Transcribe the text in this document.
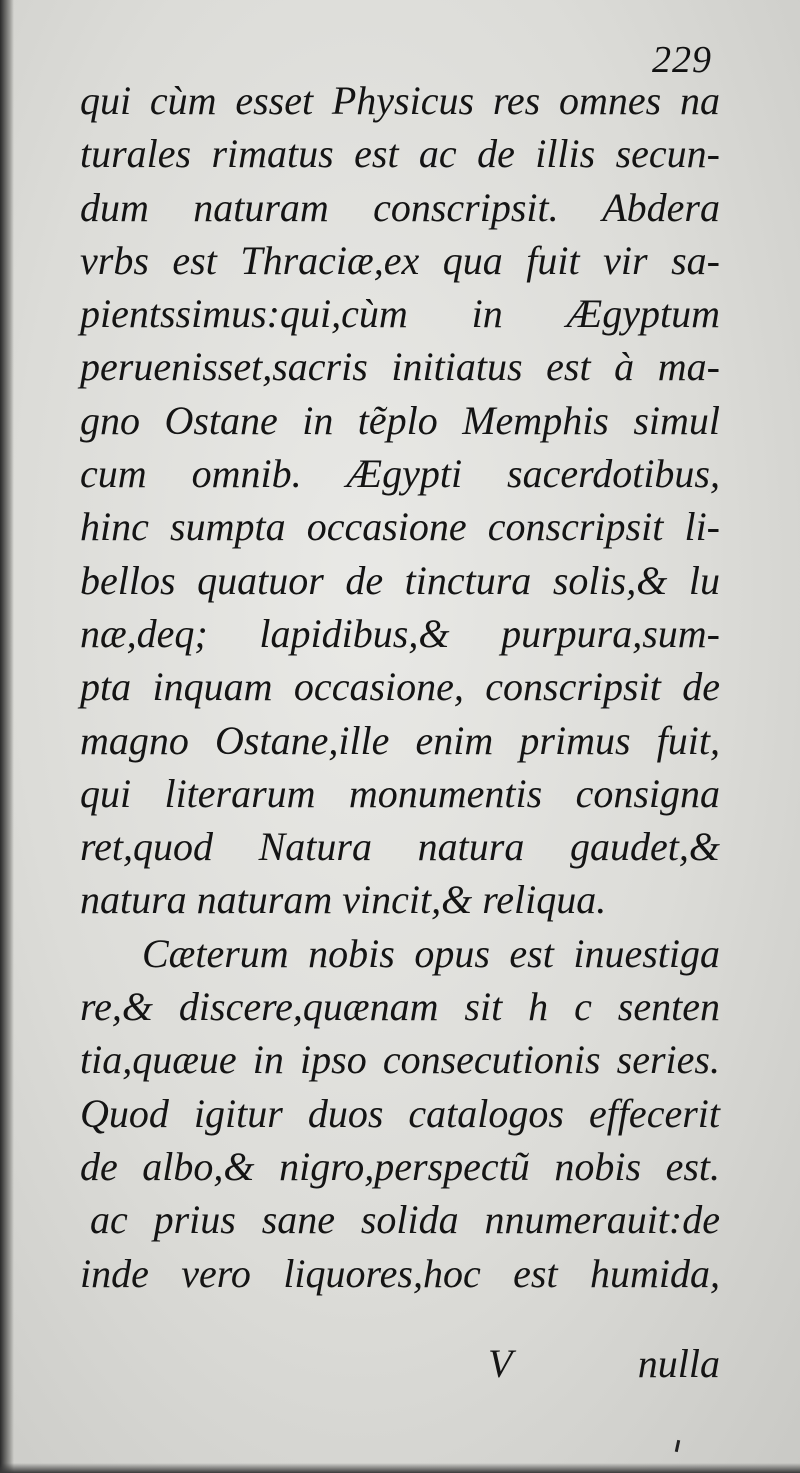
229
qui cùm esset Physicus res omnes na
turales rimatus est ac de illis secun-
dum naturam conscripsit. Abdera
vrbs est Thraciæ,ex qua fuit vir sa-
pientssimus:qui,cùm in Ægyptum
peruenisset,sacris initiatus est à ma-
gno Ostane in tẽplo Memphis simul
cum omnib. Ægypti sacerdotibus,
hinc sumpta occasione conscripsit li-
bellos quatuor de tinctura solis,& lu
næ,deq; lapidibus,& purpura,sum-
pta inquam occasione, conscripsit de
magno Ostane,ille enim primus fuit,
qui literarum monumentis consigna
ret,quod Natura natura gaudet,&
natura naturam vincit,& reliqua.
Cæterum nobis opus est inuestiga
re,& discere,quænam sit h c senten
tia,quæue in ipso consecutionis series.
Quod igitur duos catalogos effecerit
de albo,& nigro,perspectũ nobis est.
ac prius sane solida nnumerauit:de
inde vero liquores,hoc est humida,
V	nulla
